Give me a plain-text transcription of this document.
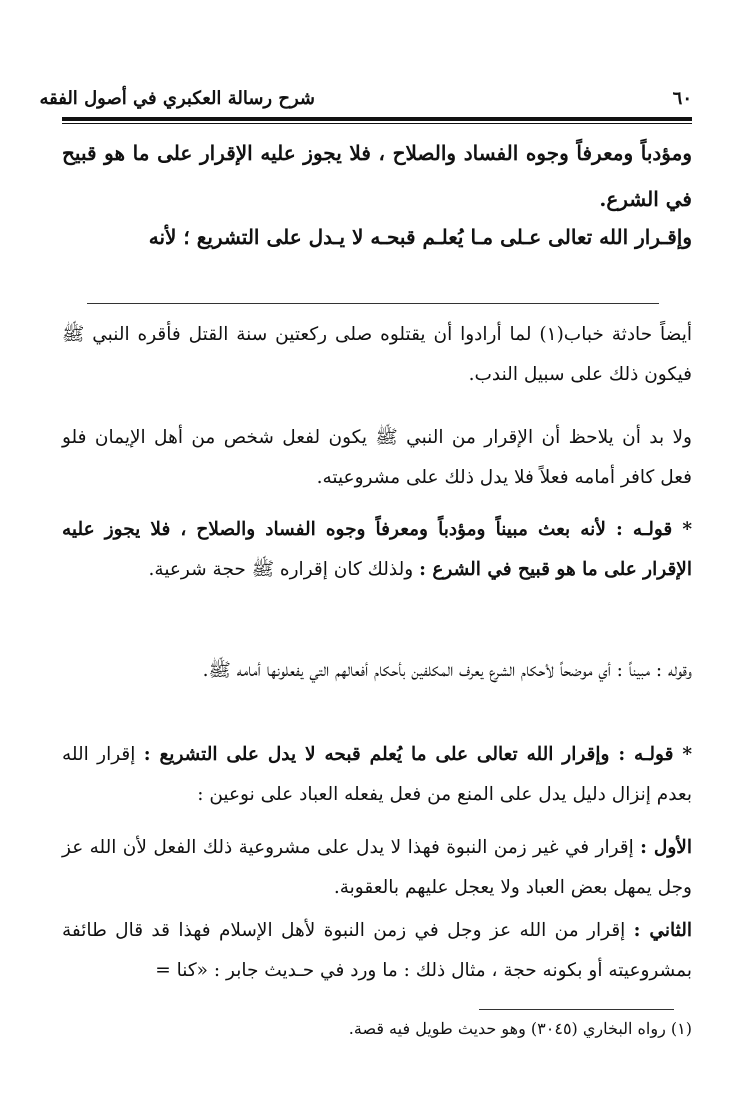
شرح رسالة العكبري في أصول الفقه	٦٠
ومؤدباً ومعرفاً وجوه الفساد والصلاح ، فلا يجوز عليه الإقرار على ما هو قبيح في الشرع.
وإقـرار الله تعالى عـلى مـا يُعلـم قبحـه لا يـدل على التشريع ؛ لأنه
أيضاً حادثة خباب(١) لما أرادوا أن يقتلوه صلى ركعتين سنة القتل فأقره النبي ﷺ فيكون ذلك على سبيل الندب.
ولا بد أن يلاحظ أن الإقرار من النبي ﷺ يكون لفعل شخص من أهل الإيمان فلو فعل كافر أمامه فعلاً فلا يدل ذلك على مشروعيته.
* قولـه : لأنه بعث مبيناً ومؤدباً ومعرفاً وجوه الفساد والصلاح ، فلا يجوز عليه الإقرار على ما هو قبيح في الشرع : ولذلك كان إقراره ﷺ حجة شرعية.
وقوله : مبيناً : أي موضحاً لأحكام الشرع يعرف المكلفين بأحكام أفعالهم التي يفعلونها أمامه ﷺ.
* قولـه : وإقرار الله تعالى على ما يُعلم قبحه لا يدل على التشريع : إقرار الله بعدم إنزال دليل يدل على المنع من فعل يفعله العباد على نوعين :
الأول : إقرار في غير زمن النبوة فهذا لا يدل على مشروعية ذلك الفعل لأن الله عز وجل يمهل بعض العباد ولا يعجل عليهم بالعقوبة.
الثاني : إقرار من الله عز وجل في زمن النبوة لأهل الإسلام فهذا قد قال طائفة بمشروعيته أو بكونه حجة ، مثال ذلك : ما ورد في حـديث جابر : «كنا =
(١) رواه البخاري (٣٠٤٥) وهو حديث طويل فيه قصة.
